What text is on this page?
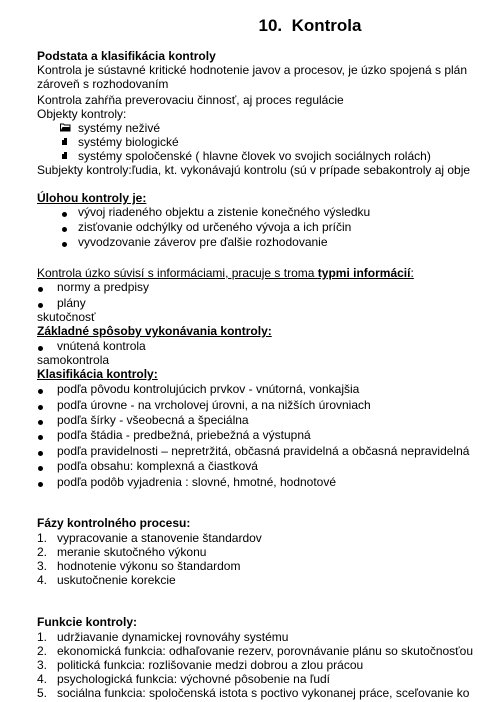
10. Kontrola
Podstata a klasifikácia kontroly
Kontrola je sústavné kritické hodnotenie javov a procesov, je úzko spojená s plán
zároveň s rozhodovaním
Kontrola zahŕňa preverovaciu činnosť, aj proces regulácie
Objekty kontroly:
systémy neživé
systémy biologické
systémy spoločenské ( hlavne človek vo svojich sociálnych rolách)
Subjekty kontroly:ľudia, kt. vykonávajú kontrolu (sú v prípade sebakontroly aj obje
Úlohou kontroly je:
vývoj riadeného objektu a zistenie konečného výsledku
zisťovanie odchýlky od určeného vývoja a ich príčin
vyvodzovanie záverov pre ďalšie rozhodovanie
Kontrola úzko súvisí s informáciami, pracuje s troma typmi informácií:
normy a predpisy
plány
skutočnosť
Základné spôsoby vykonávania kontroly:
vnútená kontrola
samokontrola
Klasifikácia kontroly:
podľa pôvodu kontrolujúcich prvkov - vnútorná, vonkajšia
podľa úrovne - na vrcholovej úrovni, a na nižších úrovniach
podľa šírky - všeobecná a špeciálna
podľa štádia - predbežná, priebežná a výstupná
podľa pravidelnosti – nepretržitá, občasná pravidelná a občasná nepravidelná
podľa obsahu: komplexná a čiastková
podľa podôb vyjadrenia : slovné, hmotné, hodnotové
Fázy kontrolného procesu:
1. vypracovanie a stanovenie štandardov
2. meranie skutočného výkonu
3. hodnotenie výkonu so štandardom
4. uskutočnenie korekcie
Funkcie kontroly:
1. udržiavanie dynamickej rovnováhy systému
2. ekonomická funkcia: odhaľovanie rezerv, porovnávanie plánu so skutočnosťou
3. politická funkcia: rozlišovanie medzi dobrou a zlou prácou
4. psychologická funkcia: výchovné pôsobenie na ľudí
5. sociálna funkcia: spoločenská istota s poctivo vykonanej práce, sceľovanie ko
